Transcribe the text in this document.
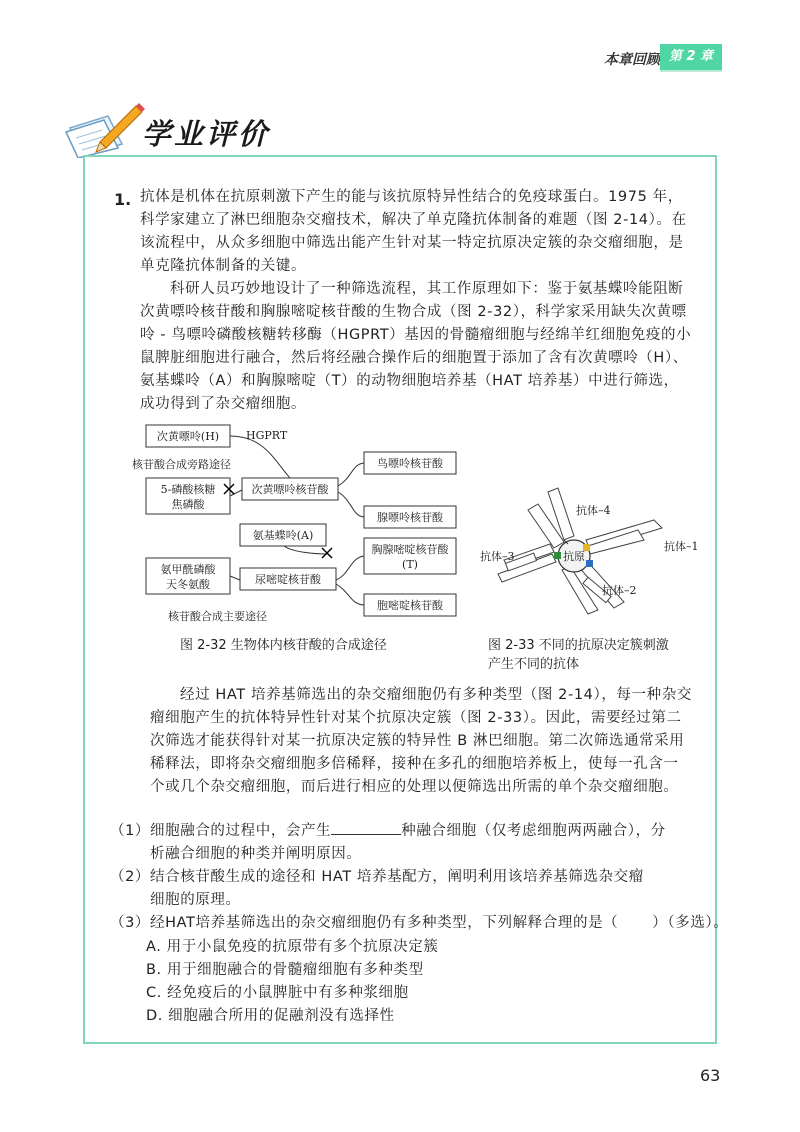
本章回顾 第 2 章
学业评价
1. 抗体是机体在抗原刺激下产生的能与该抗原特异性结合的免疫球蛋白。1975 年，科学家建立了淋巴细胞杂交瘤技术，解决了单克隆抗体制备的难题（图 2-14）。在该流程中，从众多细胞中筛选出能产生针对某一特定抗原决定簇的杂交瘤细胞，是单克隆抗体制备的关键。

科研人员巧妙地设计了一种筛选流程，其工作原理如下：鉴于氨基蝶呤能阻断次黄嘌呤核苷酸和胸腺嘧啶核苷酸的生物合成（图 2-32），科学家采用缺失次黄嘌呤 - 鸟嘌呤磷酸核糖转移酶（HGPRT）基因的骨髓瘤细胞与经绵羊红细胞免疫的小鼠脾脏细胞进行融合，然后将经融合操作后的细胞置于添加了含有次黄嘌呤（H）、氨基蝶呤（A）和胸腺嘧啶（T）的动物细胞培养基（HAT 培养基）中进行筛选，成功得到了杂交瘤细胞。

次黄嘌呤(H)
5-磷酸核糖
焦磷酸
次黄嘌呤核苷酸
鸟嘌呤核苷酸
腺嘌呤核苷酸
氨基蝶呤(A)
胸腺嘧啶核苷酸
(T)
氨甲酰磷酸
天冬氨酸	尿嘧啶核苷酸
胞嘧啶核苷酸
HGPRT
核苷酸合成旁路途径
核苷酸合成主要途径
图 2-32 生物体内核苷酸的合成途径
抗原
抗体–4
抗体–1
抗体–3
抗体–2
图 2-33 不同的抗原决定簇刺激
产生不同的抗体

经过 HAT 培养基筛选出的杂交瘤细胞仍有多种类型（图 2-14），每一种杂交瘤细胞产生的抗体特异性针对某个抗原决定簇（图 2-33）。因此，需要经过第二次筛选才能获得针对某一抗原决定簇的特异性 B 淋巴细胞。第二次筛选通常采用稀释法，即将杂交瘤细胞多倍稀释，接种在多孔的细胞培养板上，使每一孔含一个或几个杂交瘤细胞，而后进行相应的处理以便筛选出所需的单个杂交瘤细胞。

（1）细胞融合的过程中，会产生	种融合细胞（仅考虑细胞两两融合），分
析融合细胞的种类并阐明原因。
（2）结合核苷酸生成的途径和 HAT 培养基配方，阐明利用该培养基筛选杂交瘤
细胞的原理。
（3）经HAT培养基筛选出的杂交瘤细胞仍有多种类型，下列解释合理的是（ ）（多选）。
A. 用于小鼠免疫的抗原带有多个抗原决定簇
B. 用于细胞融合的骨髓瘤细胞有多种类型
C. 经免疫后的小鼠脾脏中有多种浆细胞
D. 细胞融合所用的促融剂没有选择性
63
